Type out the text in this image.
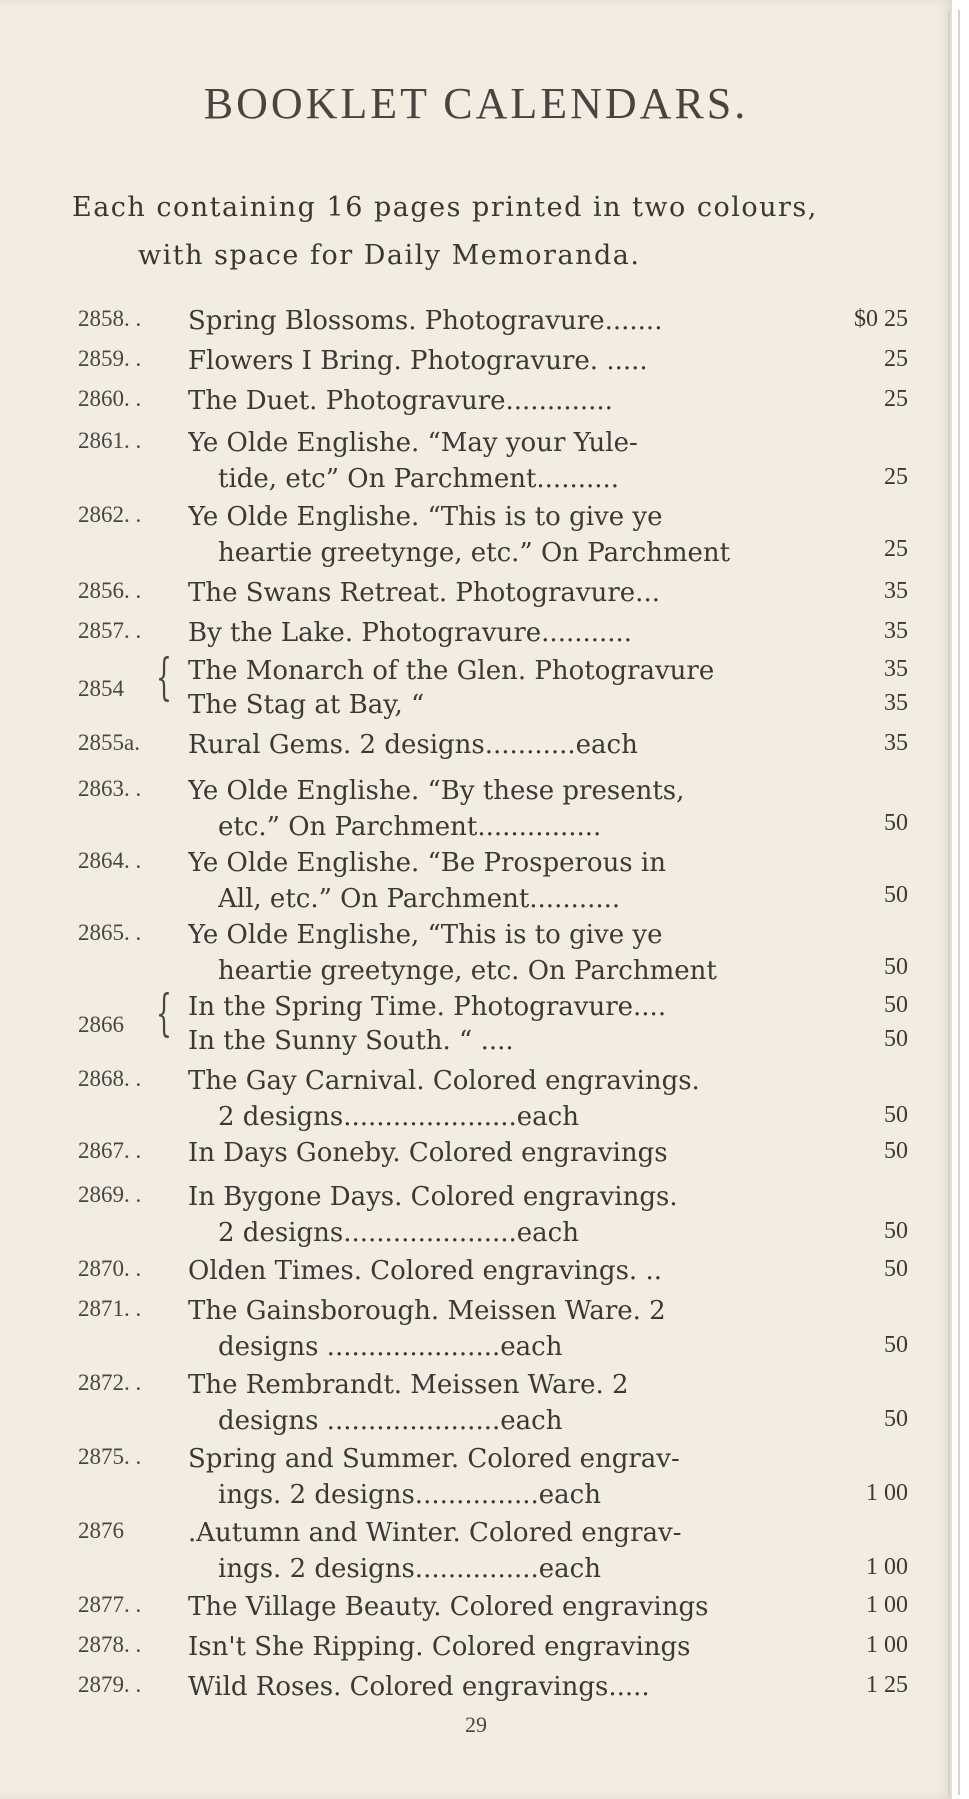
BOOKLET CALENDARS.
Each containing 16 pages printed in two colours,
with space for Daily Memoranda.
2858. . Spring Blossoms. Photogravure.......	$0 25
2859. . Flowers I Bring. Photogravure. .....	25
2860. . The Duet. Photogravure.............	25
2861. . Ye Olde Englishe. “May your Yule-
tide, etc” On Parchment..........	25
2862. . Ye Olde Englishe. “This is to give ye
heartie greetynge, etc.” On Parchment	25
2856. . The Swans Retreat. Photogravure...	35
2857. . By the Lake. Photogravure...........	35
2854 { The Monarch of the Glen. Photogravure	35
The Stag at Bay, “	35
2855a. Rural Gems. 2 designs...........each	35
2863. . Ye Olde Englishe. “By these presents,
etc.” On Parchment...............	50
2864. . Ye Olde Englishe. “Be Prosperous in
All, etc.” On Parchment...........	50
2865. . Ye Olde Englishe, “This is to give ye
heartie greetynge, etc. On Parchment	50
2866 { In the Spring Time. Photogravure....	50
In the Sunny South. “ ....	50
2868. . The Gay Carnival. Colored engravings.
2 designs.....................each	50
2867. . In Days Goneby. Colored engravings	50
2869. . In Bygone Days. Colored engravings.
2 designs.....................each	50
2870. . Olden Times. Colored engravings. ..	50
2871. . The Gainsborough. Meissen Ware. 2
designs .....................each	50
2872. . The Rembrandt. Meissen Ware. 2
designs .....................each	50
2875. . Spring and Summer. Colored engrav-
ings. 2 designs...............each	1 00
2876 .Autumn and Winter. Colored engrav-
ings. 2 designs...............each	1 00
2877. . The Village Beauty. Colored engravings	1 00
2878. . Isn't She Ripping. Colored engravings	1 00
2879. . Wild Roses. Colored engravings.....	1 25
29
